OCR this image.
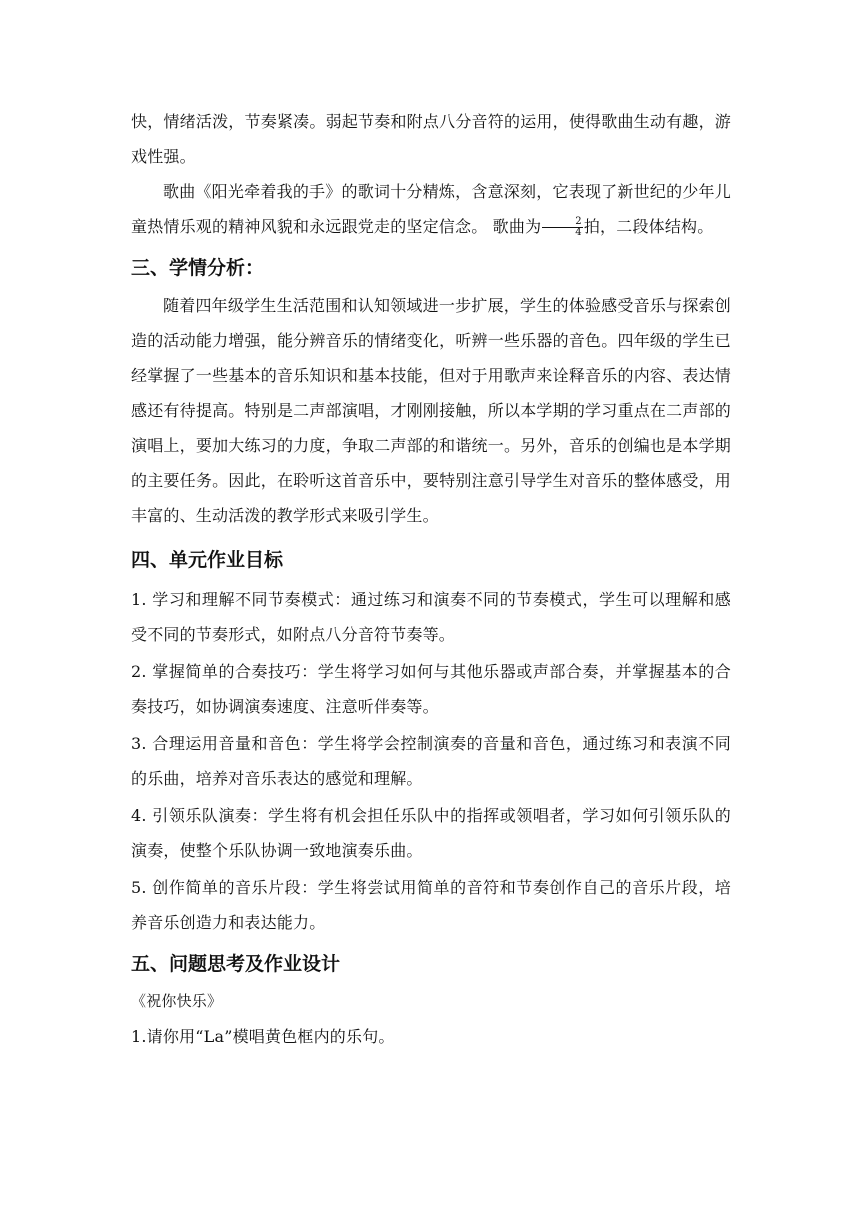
快，情绪活泼，节奏紧凑。弱起节奏和附点八分音符的运用，使得歌曲生动有趣，游戏性强。

歌曲《阳光牵着我的手》的歌词十分精炼，含意深刻，它表现了新世纪的少年儿童热情乐观的精神风貌和永远跟党走的坚定信念。 歌曲为 $\frac{2}{4}$ 拍，二段体结构。

三、学情分析：

随着四年级学生生活范围和认知领域进一步扩展，学生的体验感受音乐与探索创造的活动能力增强，能分辨音乐的情绪变化，听辨一些乐器的音色。四年级的学生已经掌握了一些基本的音乐知识和基本技能，但对于用歌声来诠释音乐的内容、表达情感还有待提高。特别是二声部演唱，才刚刚接触，所以本学期的学习重点在二声部的演唱上，要加大练习的力度，争取二声部的和谐统一。另外，音乐的创编也是本学期的主要任务。因此，在聆听这首音乐中，要特别注意引导学生对音乐的整体感受，用丰富的、生动活泼的教学形式来吸引学生。

四、单元作业目标

1. 学习和理解不同节奏模式：通过练习和演奏不同的节奏模式，学生可以理解和感受不同的节奏形式，如附点八分音符节奏等。

2. 掌握简单的合奏技巧：学生将学习如何与其他乐器或声部合奏，并掌握基本的合奏技巧，如协调演奏速度、注意听伴奏等。

3. 合理运用音量和音色：学生将学会控制演奏的音量和音色，通过练习和表演不同的乐曲，培养对音乐表达的感觉和理解。

4. 引领乐队演奏：学生将有机会担任乐队中的指挥或领唱者，学习如何引领乐队的演奏，使整个乐队协调一致地演奏乐曲。

5. 创作简单的音乐片段：学生将尝试用简单的音符和节奏创作自己的音乐片段，培养音乐创造力和表达能力。

五、问题思考及作业设计

《祝你快乐》

1.请你用“La”模唱黄色框内的乐句。
